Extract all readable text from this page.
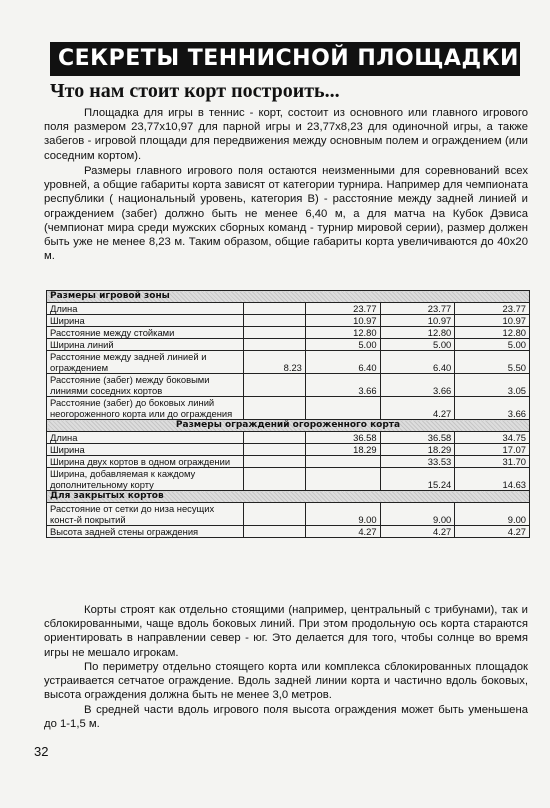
СЕКРЕТЫ ТЕННИСНОЙ ПЛОЩАДКИ
Что нам стоит корт построить...

Площадка для игры в теннис - корт, состоит из основного или главного игрового поля размером 23,77х10,97 для парной игры и 23,77х8,23 для одиночной игры, а также забегов - игровой площади для передвижения между основным полем и ограждением (или соседним кортом).

Размеры главного игрового поля остаются неизменными для соревнований всех уровней, а общие габариты корта зависят от категории турнира. Например для чемпионата республики ( национальный уровень, категория В) - расстояние между задней линией и ограждением (забег) должно быть не менее 6,40 м, а для матча на Кубок Дэвиса (чемпионат мира среди мужских сборных команд - турнир мировой серии), размер должен быть уже не менее 8,23 м. Таким образом, общие габариты корта увеличиваются до 40х20 м.

Размеры игровой зоны				
Длина		23.77	23.77	23.77
Ширина		10.97	10.97	10.97
Расстояние между стойками		12.80	12.80	12.80
Ширина линий		5.00	5.00	5.00
Расстояние между задней линией и ограждением	8.23	6.40	6.40	5.50
Расстояние (забег) между боковыми линиями соседних кортов		3.66	3.66	3.05
Расстояние (забег) до боковых линий неогороженного корта или до ограждения			4.27	3.66
Размеры ограждений огороженного корта				
Длина		36.58	36.58	34.75
Ширина		18.29	18.29	17.07
Ширина двух кортов в одном ограждении			33.53	31.70
Ширина, добавляемая к каждому дополнительному корту			15.24	14.63
Для закрытых кортов				
Расстояние от сетки до низа несущих конст-й покрытий		9.00	9.00	9.00
Высота задней стены ограждения		4.27	4.27	4.27

Корты строят как отдельно стоящими (например, центральный с трибунами), так и сблокированными, чаще вдоль боковых линий. При этом продольную ось корта стараются ориентировать в направлении север - юг. Это делается для того, чтобы солнце во время игры не мешало игрокам.

По периметру отдельно стоящего корта или комплекса сблокированных площадок устраивается сетчатое ограждение. Вдоль задней линии корта и частично вдоль боковых, высота ограждения должна быть не менее 3,0 метров.

В средней части вдоль игрового поля высота ограждения может быть уменьшена до 1-1,5 м.

32
